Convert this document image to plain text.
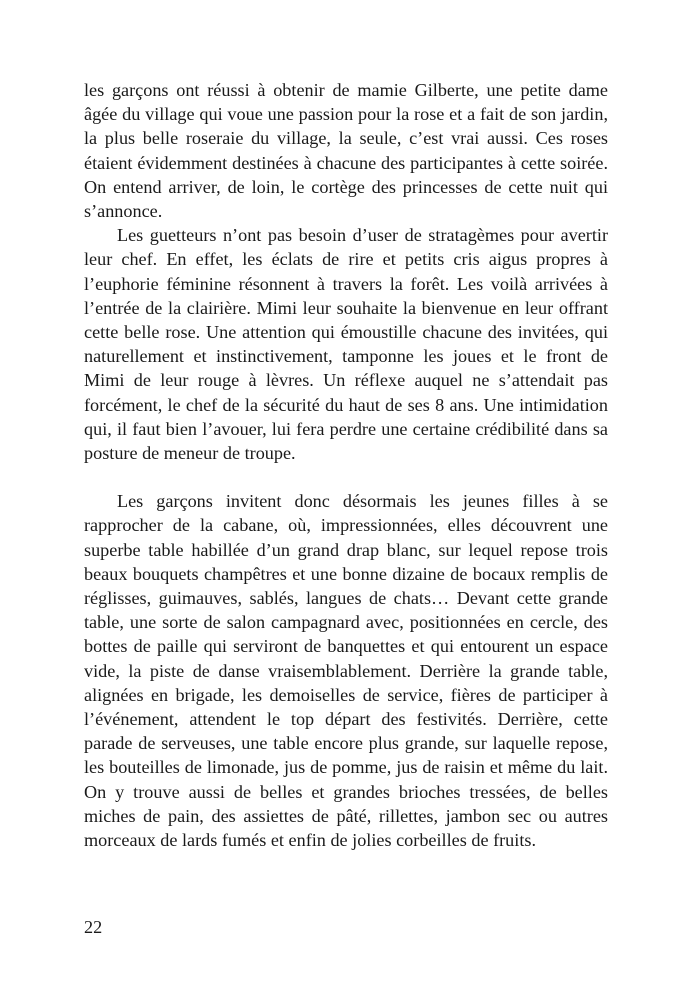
les garçons ont réussi à obtenir de mamie Gilberte, une petite dame âgée du village qui voue une passion pour la rose et a fait de son jardin, la plus belle roseraie du village, la seule, c’est vrai aussi. Ces roses étaient évidemment destinées à chacune des participantes à cette soirée. On entend arriver, de loin, le cortège des princesses de cette nuit qui s’annonce.

Les guetteurs n’ont pas besoin d’user de stratagèmes pour avertir leur chef. En effet, les éclats de rire et petits cris aigus propres à l’euphorie féminine résonnent à travers la forêt. Les voilà arrivées à l’entrée de la clairière. Mimi leur souhaite la bienvenue en leur offrant cette belle rose. Une attention qui émoustille chacune des invitées, qui naturellement et instinctivement, tamponne les joues et le front de Mimi de leur rouge à lèvres. Un réflexe auquel ne s’attendait pas forcément, le chef de la sécurité du haut de ses 8 ans. Une intimidation qui, il faut bien l’avouer, lui fera perdre une certaine crédibilité dans sa posture de meneur de troupe.

Les garçons invitent donc désormais les jeunes filles à se rapprocher de la cabane, où, impressionnées, elles découvrent une superbe table habillée d’un grand drap blanc, sur lequel repose trois beaux bouquets champêtres et une bonne dizaine de bocaux remplis de réglisses, guimauves, sablés, langues de chats… Devant cette grande table, une sorte de salon campagnard avec, positionnées en cercle, des bottes de paille qui serviront de banquettes et qui entourent un espace vide, la piste de danse vraisemblablement. Derrière la grande table, alignées en brigade, les demoiselles de service, fières de participer à l’événement, attendent le top départ des festivités. Derrière, cette parade de serveuses, une table encore plus grande, sur laquelle repose, les bouteilles de limonade, jus de pomme, jus de raisin et même du lait. On y trouve aussi de belles et grandes brioches tressées, de belles miches de pain, des assiettes de pâté, rillettes, jambon sec ou autres morceaux de lards fumés et enfin de jolies corbeilles de fruits.

22
